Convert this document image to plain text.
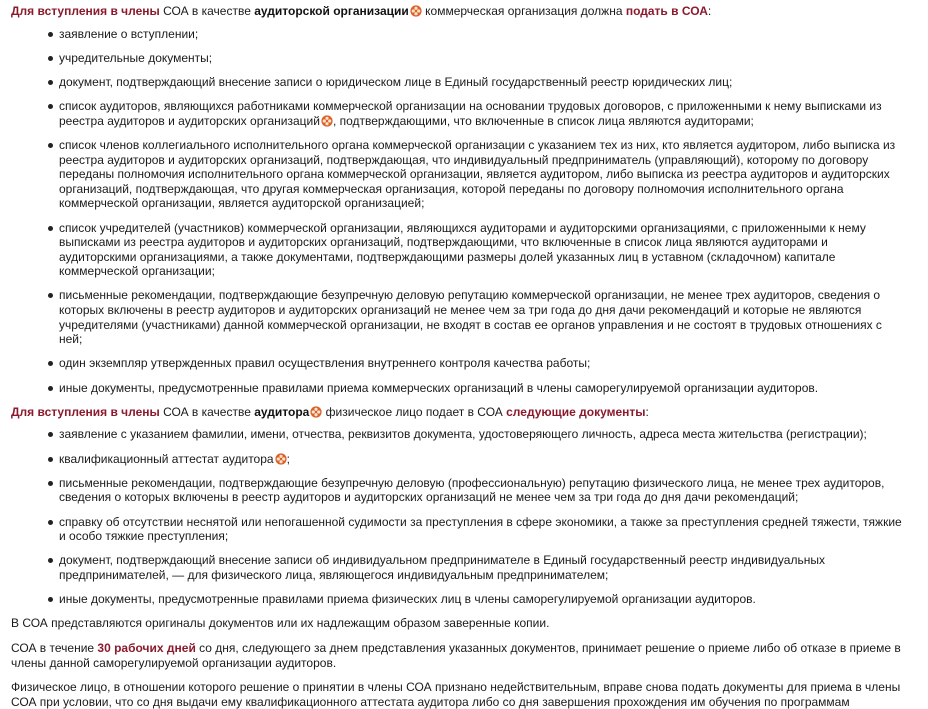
Для вступления в члены СОА в качестве аудиторской организации
коммерческая организация должна подать в СОА:

заявление о вступлении;
учредительные документы;
документ, подтверждающий внесение записи о юридическом лице в Единый государственный реестр юридических лиц;
список аудиторов, являющихся работниками коммерческой организации на основании трудовых договоров, с приложенными к нему выписками из реестра аудиторов и аудиторских организаций , подтверждающими, что включенные в список лица являются аудиторами;
список членов коллегиального исполнительного органа коммерческой организации с указанием тех из них, кто является аудитором, либо выписка из реестра аудиторов и аудиторских организаций, подтверждающая, что индивидуальный предприниматель (управляющий), которому по договору переданы полномочия исполнительного органа коммерческой организации, является аудитором, либо выписка из реестра аудиторов и аудиторских организаций, подтверждающая, что другая коммерческая организация, которой переданы по договору полномочия исполнительного органа коммерческой организации, является аудиторской организацией;
список учредителей (участников) коммерческой организации, являющихся аудиторами и аудиторскими организациями, с приложенными к нему выписками из реестра аудиторов и аудиторских организаций, подтверждающими, что включенные в список лица являются аудиторами и аудиторскими организациями, а также документами, подтверждающими размеры долей указанных лиц в уставном (складочном) капитале коммерческой организации;
письменные рекомендации, подтверждающие безупречную деловую репутацию коммерческой организации, не менее трех аудиторов, сведения о которых включены в реестр аудиторов и аудиторских организаций не менее чем за три года до дня дачи рекомендаций и которые не являются учредителями (участниками) данной коммерческой организации, не входят в состав ее органов управления и не состоят в трудовых отношениях с ней;
один экземпляр утвержденных правил осуществления внутреннего контроля качества работы;
иные документы, предусмотренные правилами приема коммерческих организаций в члены саморегулируемой организации аудиторов.

Для вступления в члены СОА в качестве аудитора
физическое лицо подает в СОА следующие документы:

заявление с указанием фамилии, имени, отчества, реквизитов документа, удостоверяющего личность, адреса места жительства (регистрации);
квалификационный аттестат аудитора ;
письменные рекомендации, подтверждающие безупречную деловую (профессиональную) репутацию физического лица, не менее трех аудиторов, сведения о которых включены в реестр аудиторов и аудиторских организаций не менее чем за три года до дня дачи рекомендаций;
справку об отсутствии неснятой или непогашенной судимости за преступления в сфере экономики, а также за преступления средней тяжести, тяжкие и особо тяжкие преступления;
документ, подтверждающий внесение записи об индивидуальном предпринимателе в Единый государственный реестр индивидуальных предпринимателей, — для физического лица, являющегося индивидуальным предпринимателем;
иные документы, предусмотренные правилами приема физических лиц в члены саморегулируемой организации аудиторов.

В СОА представляются оригиналы документов или их надлежащим образом заверенные копии.

СОА в течение 30 рабочих дней со дня, следующего за днем представления указанных документов, принимает решение о приеме либо об отказе в приеме в члены данной саморегулируемой организации аудиторов.

Физическое лицо, в отношении которого решение о принятии в члены СОА признано недействительным, вправе снова подать документы для приема в члены СОА при условии, что со дня выдачи ему квалификационного аттестата аудитора либо со дня завершения прохождения им обучения по программам
